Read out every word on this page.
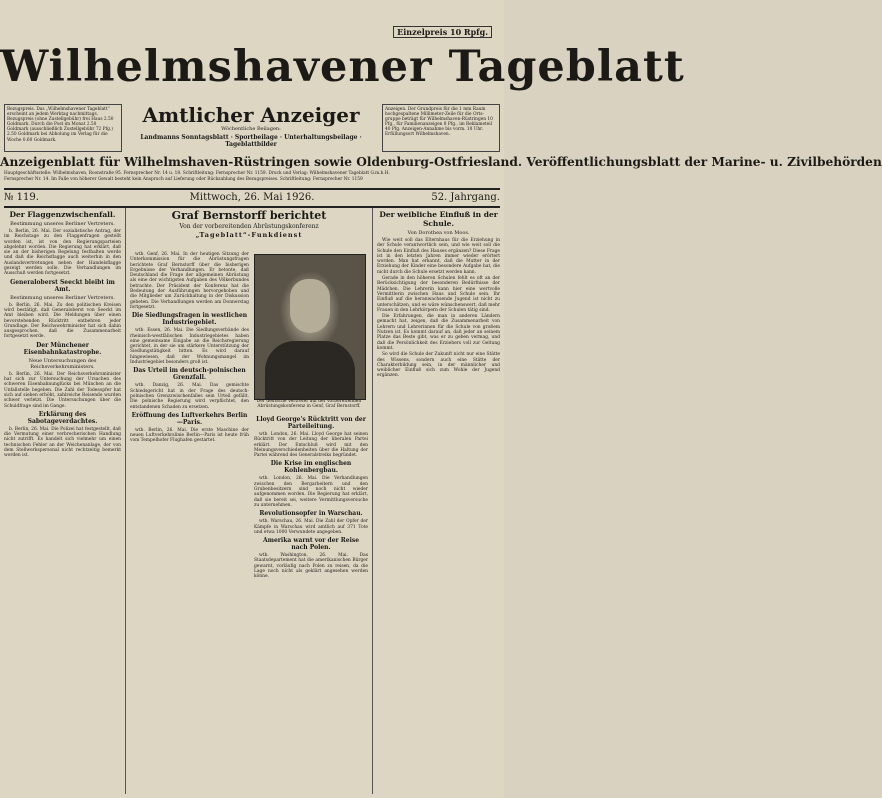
Einzelpreis 10 Rpfg.
Wilhelmshavener Tageblatt
Bezugspreis. Das „Wilhelmshavener Tageblatt“ erscheint an jedem Werktag nachmittags. Bezugspreis (ohne Zustellgebühr) frei Haus 2.50 Goldmark. Durch die Post im Monat 2.50 Goldmark (ausschließlich Zustellgebühr 72 Pfg.) 2.50 Goldmark bei Abholung im Verlag für die Woche 0.60 Goldmark.
Amtlicher Anzeiger
Wöchentliche Beilagen:
Landmanns Sonntagsblatt · Sportbeilage · Unterhaltungsbeilage · Tageblattbilder
Anzeigen. Der Grundpreis für die 1 mm Raum hochgespaltene Millimeter-Zeile für die Ortsgruppe beträgt für Wilhelmshaven-Rüstringen 10 Pfg., für Familienanzeigen 8 Pfg., im Reklameteil 40 Pfg. Anzeigen-Annahme bis vorm. 10 Uhr. Erfüllungsort Wilhelmshaven.
Anzeigenblatt für Wilhelmshaven-Rüstringen sowie Oldenburg-Ostfriesland. Veröffentlichungsblatt der Marine- u. Zivilbehörden
Hauptgeschäftsstelle: Wilhelmshaven, Roonstraße 95. Fernsprecher Nr. 14 u. 18. Schriftleitung: Fernsprecher Nr. 1159. Druck und Verlag: Wilhelmshavener Tageblatt G.m.b.H.
Fernsprecher Nr. 14. Im Falle von höherer Gewalt besteht kein Anspruch auf Lieferung oder Rückzahlung des Bezugspreises. Schriftleitung: Fernsprecher Nr. 1159
№ 119.	Mittwoch, 26. Mai 1926.	52. Jahrgang.
Der Flaggenzwischenfall.
Bestimmung unseres Berliner Vertreters.

b. Berlin, 26. Mai. Der sozialistische Antrag, der im Reichstage zu den Flaggenfragen gestellt worden ist, ist von den Regierungsparteien abgelehnt worden. Die Regierung hat erklärt, daß sie an der bisherigen Regelung festhalten werde und daß die Reichsflagge auch weiterhin in den Auslandsvertretungen neben der Handelsflagge gezeigt werden solle. Die Verhandlungen im Ausschuß werden fortgesetzt.

Generaloberst Seeckt bleibt im Amt.
Bestimmung unseres Berliner Vertreters.

b. Berlin, 26. Mai. Zu den politischen Kreisen wird bestätigt, daß Generaloberst von Seeckt im Amt bleiben wird. Die Meldungen über einen bevorstehenden Rücktritt entbehren jeder Grundlage. Der Reichswehrminister hat sich dahin ausgesprochen, daß die Zusammenarbeit fortgesetzt werde.

Der Münchener Eisenbahnkatastrophe.
Neue Untersuchungen des Reichsverkehrsministers.

b. Berlin, 26. Mai. Der Reichsverkehrsminister hat sich zur Untersuchung der Ursachen des schweren Eisenbahnunglücks bei München an die Unfallstelle begeben. Die Zahl der Todesopfer hat sich auf sieben erhöht, zahlreiche Reisende wurden schwer verletzt. Die Untersuchungen über die Schuldfrage sind im Gange.

Erklärung des Sabotageverdachtes.

b. Berlin, 26. Mai. Die Polizei hat festgestellt, daß die Vermutung einer verbrecherischen Handlung nicht zutrifft. Es handelt sich vielmehr um einen technischen Fehler an der Weichenanlage, der von dem Stellwerkspersonal nicht rechtzeitig bemerkt worden ist.

Graf Bernstorff berichtet
Von der vorbereitenden Abrüstungskonferenz
„Tageblatt“-Funkdienst

wtb. Genf, 26. Mai. In der heutigen Sitzung der Unterkommission für die Abrüstungsfragen berichtete Graf Bernstorff über die bisherigen Ergebnisse der Verhandlungen. Er betonte, daß Deutschland die Frage der allgemeinen Abrüstung als eine der wichtigsten Aufgaben des Völkerbundes betrachte. Der Präsident der Konferenz hat die Bedeutung der Ausführungen hervorgehoben und die Mitglieder um Zurückhaltung in der Diskussion gebeten. Die Verhandlungen werden am Donnerstag fortgesetzt.

Die Siedlungsfragen in westlichen Industriegebiet.

wtb. Essen, 26. Mai. Die Siedlungsverbände des rheinisch-westfälischen Industriegebietes haben eine gemeinsame Eingabe an die Reichsregierung gerichtet, in der sie um stärkere Unterstützung der Siedlungstätigkeit bitten. Es wird darauf hingewiesen, daß der Wohnungsmangel im Industriegebiet besonders groß ist.

Das Urteil im deutsch-polnischen Grenzfall.

wtb. Danzig, 26. Mai. Das gemischte Schiedsgericht hat in der Frage des deutsch-polnischen Grenzzwischenfalles sein Urteil gefällt. Die polnische Regierung wird verpflichtet, den entstandenen Schaden zu ersetzen.

Eröffnung des Luftverkehrs Berlin—Paris.

wtb. Berlin, 26. Mai. Die erste Maschine der neuen Luftverkehrslinie Berlin—Paris ist heute früh vom Tempelhofer Flughafen gestartet.

Der deutsche Vertreter auf der vorbereitenden Abrüstungskonferenz in Genf, Graf Bernstorff.
Lloyd George's Rücktritt von der Parteileitung.

wtb. London, 26. Mai. Lloyd George hat seinen Rücktritt von der Leitung der liberalen Partei erklärt. Der Entschluß wird mit den Meinungsverschiedenheiten über die Haltung der Partei während des Generalstreiks begründet.

Die Krise im englischen Kohlenbergbau.

wtb. London, 26. Mai. Die Verhandlungen zwischen den Bergarbeitern und den Grubenbesitzern sind noch nicht wieder aufgenommen worden. Die Regierung hat erklärt, daß sie bereit sei, weitere Vermittlungsversuche zu unternehmen.

Revolutionsopfer in Warschau.

wtb. Warschau, 26. Mai. Die Zahl der Opfer der Kämpfe in Warschau wird amtlich auf 371 Tote und etwa 1000 Verwundete angegeben.

Amerika warnt vor der Reise nach Polen.

wtb. Washington, 26. Mai. Das Staatsdepartement hat die amerikanischen Bürger gewarnt, vorläufig nach Polen zu reisen, da die Lage noch nicht als geklärt angesehen werden könne.

Der weibliche Einfluß in der Schule.
Von Dorothea von Moos.

Wie weit soll das Elternhaus für die Erziehung in der Schule verantwortlich sein, und wie weit soll die Schule den Einfluß des Hauses ergänzen? Diese Frage ist in den letzten Jahren immer wieder erörtert worden. Man hat erkannt, daß die Mutter in der Erziehung der Kinder eine besondere Aufgabe hat, die nicht durch die Schule ersetzt werden kann.

Gerade in den höheren Schulen fehlt es oft an der Berücksichtigung der besonderen Bedürfnisse der Mädchen. Die Lehrerin kann hier eine wertvolle Vermittlerin zwischen Haus und Schule sein. Ihr Einfluß auf die heranwachsende Jugend ist nicht zu unterschätzen, und es wäre wünschenswert, daß mehr Frauen in den Lehrkörpern der Schulen tätig sind.

Die Erfahrungen, die man in anderen Ländern gemacht hat, zeigen, daß die Zusammenarbeit von Lehrern und Lehrerinnen für die Schule von großem Nutzen ist. Es kommt darauf an, daß jeder an seinem Platze das Beste gibt, was er zu geben vermag, und daß die Persönlichkeit des Erziehers voll zur Geltung kommt.

So wird die Schule der Zukunft nicht nur eine Stätte des Wissens, sondern auch eine Stätte der Charakterbildung sein, in der männlicher und weiblicher Einfluß sich zum Wohle der Jugend ergänzen.
